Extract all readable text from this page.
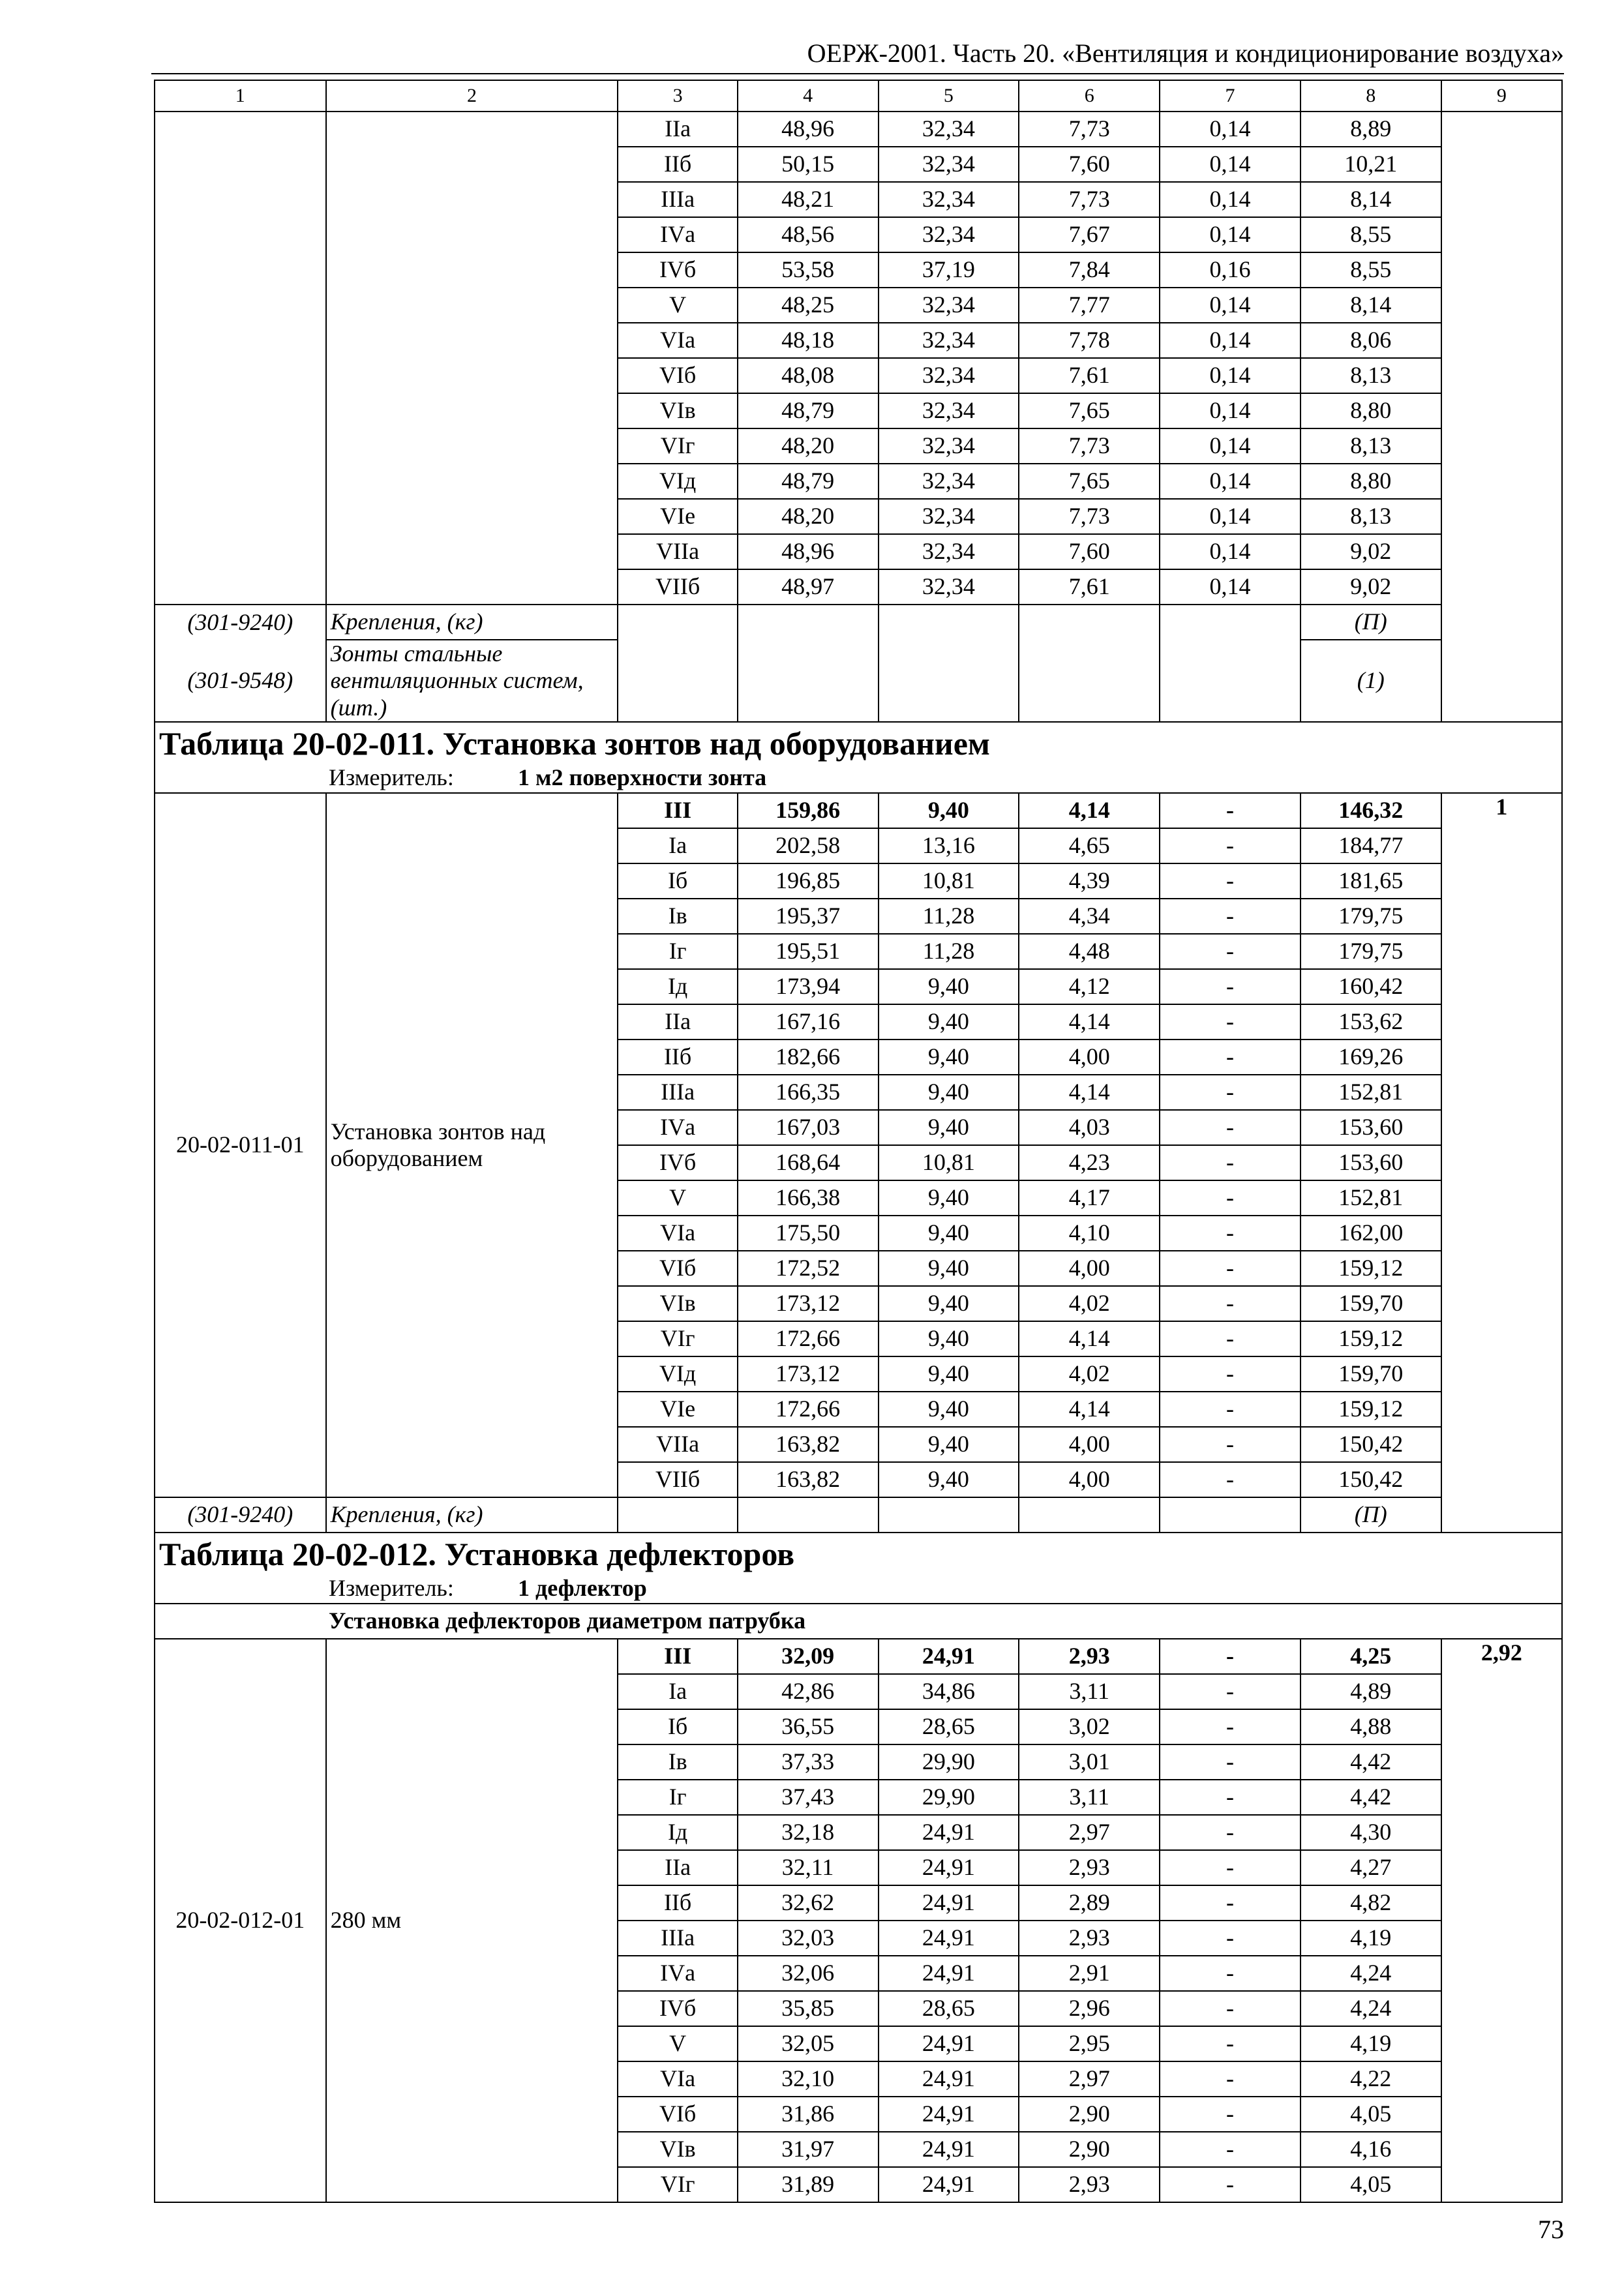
ОЕРЖ-2001. Часть 20. «Вентиляция и кондиционирование воздуха»
1	2	3	4	5	6	7	8	9
		IIа	48,96	32,34	7,73	0,14	8,89	
		IIб	50,15	32,34	7,60	0,14	10,21	
		IIIа	48,21	32,34	7,73	0,14	8,14	
		IVа	48,56	32,34	7,67	0,14	8,55	
		IVб	53,58	37,19	7,84	0,16	8,55	
		V	48,25	32,34	7,77	0,14	8,14	
		VIа	48,18	32,34	7,78	0,14	8,06	
		VIб	48,08	32,34	7,61	0,14	8,13	
		VIв	48,79	32,34	7,65	0,14	8,80	
		VIг	48,20	32,34	7,73	0,14	8,13	
		VIд	48,79	32,34	7,65	0,14	8,80	
		VIе	48,20	32,34	7,73	0,14	8,13	
		VIIа	48,96	32,34	7,60	0,14	9,02	
		VIIб	48,97	32,34	7,61	0,14	9,02	
(301-9240)	Крепления, (кг)						(П)	
(301-9548)	Зонты стальные вентиляционных систем, (шт.)						(1)	

Таблица 20-02-011. Установка зонтов над оборудованием
Измеритель: 1 м2 поверхности зонта								

20-02-011-01	Установка зонтов над оборудованием	III	159,86	9,40	4,14	-	146,32	1
		Iа	202,58	13,16	4,65	-	184,77	
		Iб	196,85	10,81	4,39	-	181,65	
		Iв	195,37	11,28	4,34	-	179,75	
		Iг	195,51	11,28	4,48	-	179,75	
		Iд	173,94	9,40	4,12	-	160,42	
		IIа	167,16	9,40	4,14	-	153,62	
		IIб	182,66	9,40	4,00	-	169,26	
		IIIа	166,35	9,40	4,14	-	152,81	
		IVа	167,03	9,40	4,03	-	153,60	
		IVб	168,64	10,81	4,23	-	153,60	
		V	166,38	9,40	4,17	-	152,81	
		VIа	175,50	9,40	4,10	-	162,00	
		VIб	172,52	9,40	4,00	-	159,12	
		VIв	173,12	9,40	4,02	-	159,70	
		VIг	172,66	9,40	4,14	-	159,12	
		VIд	173,12	9,40	4,02	-	159,70	
		VIе	172,66	9,40	4,14	-	159,12	
		VIIа	163,82	9,40	4,00	-	150,42	
		VIIб	163,82	9,40	4,00	-	150,42	
(301-9240)	Крепления, (кг)						(П)	

Таблица 20-02-012. Установка дефлекторов
Измеритель: 1 дефлектор								

Установка дефлекторов диаметром патрубка								

20-02-012-01	280 мм	III	32,09	24,91	2,93	-	4,25	2,92
		Iа	42,86	34,86	3,11	-	4,89	
		Iб	36,55	28,65	3,02	-	4,88	
		Iв	37,33	29,90	3,01	-	4,42	
		Iг	37,43	29,90	3,11	-	4,42	
		Iд	32,18	24,91	2,97	-	4,30	
		IIа	32,11	24,91	2,93	-	4,27	
		IIб	32,62	24,91	2,89	-	4,82	
		IIIа	32,03	24,91	2,93	-	4,19	
		IVа	32,06	24,91	2,91	-	4,24	
		IVб	35,85	28,65	2,96	-	4,24	
		V	32,05	24,91	2,95	-	4,19	
		VIа	32,10	24,91	2,97	-	4,22	
		VIб	31,86	24,91	2,90	-	4,05	
		VIв	31,97	24,91	2,90	-	4,16	
		VIг	31,89	24,91	2,93	-	4,05	
73
